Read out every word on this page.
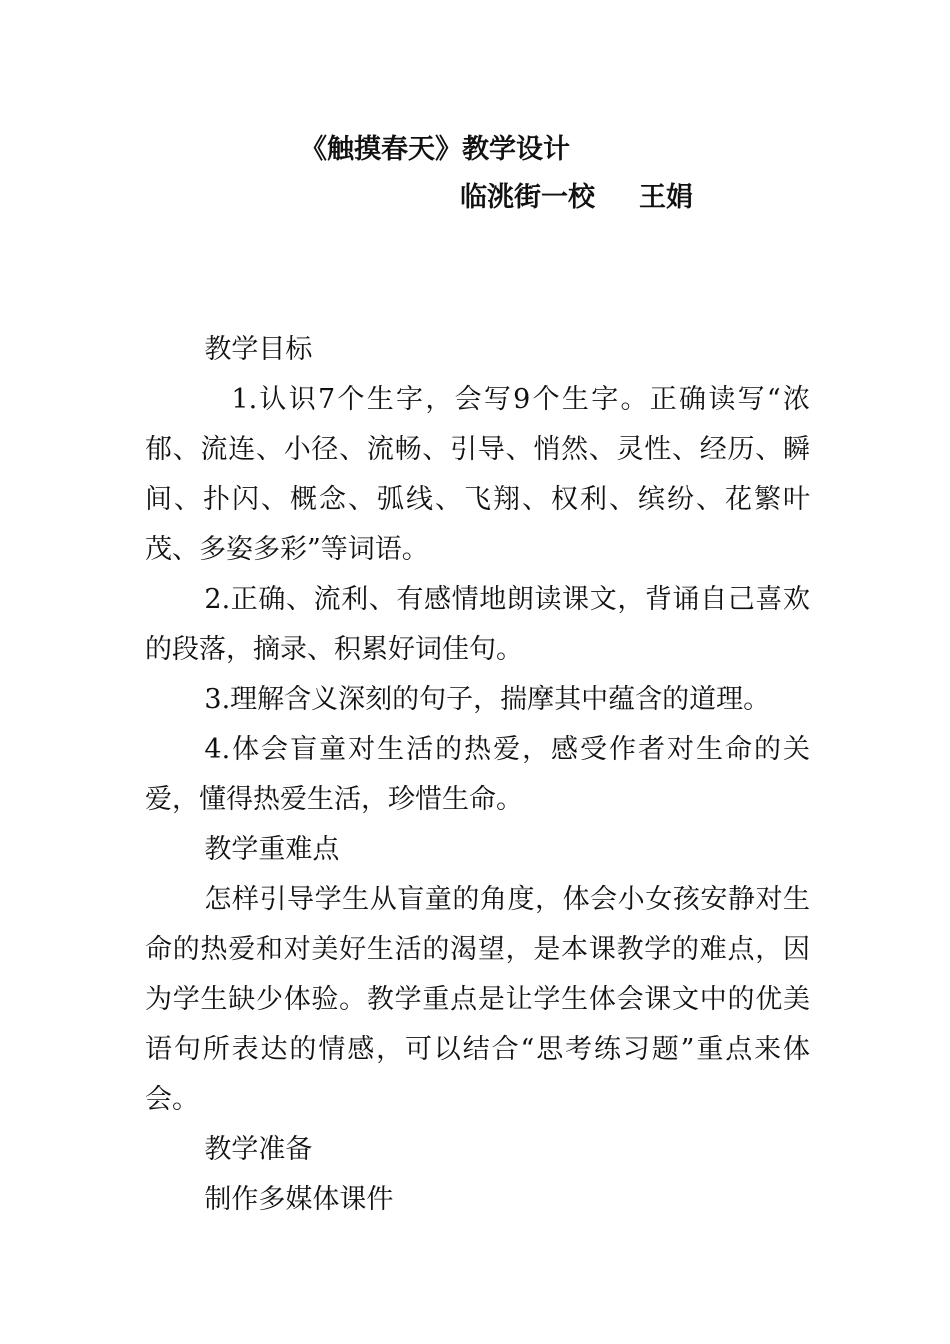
《触摸春天》教学设计
临洮街一校 王娟

教学目标

1.认识7个生字，会写9个生字。正确读写“浓郁、流连、小径、流畅、引导、悄然、灵性、经历、瞬间、扑闪、概念、弧线、飞翔、权利、缤纷、花繁叶茂、多姿多彩”等词语。

2.正确、流利、有感情地朗读课文，背诵自己喜欢的段落，摘录、积累好词佳句。

3.理解含义深刻的句子，揣摩其中蕴含的道理。

4.体会盲童对生活的热爱，感受作者对生命的关爱，懂得热爱生活，珍惜生命。

教学重难点

怎样引导学生从盲童的角度，体会小女孩安静对生命的热爱和对美好生活的渴望，是本课教学的难点，因为学生缺少体验。教学重点是让学生体会课文中的优美语句所表达的情感，可以结合“思考练习题”重点来体会。

教学准备

制作多媒体课件
